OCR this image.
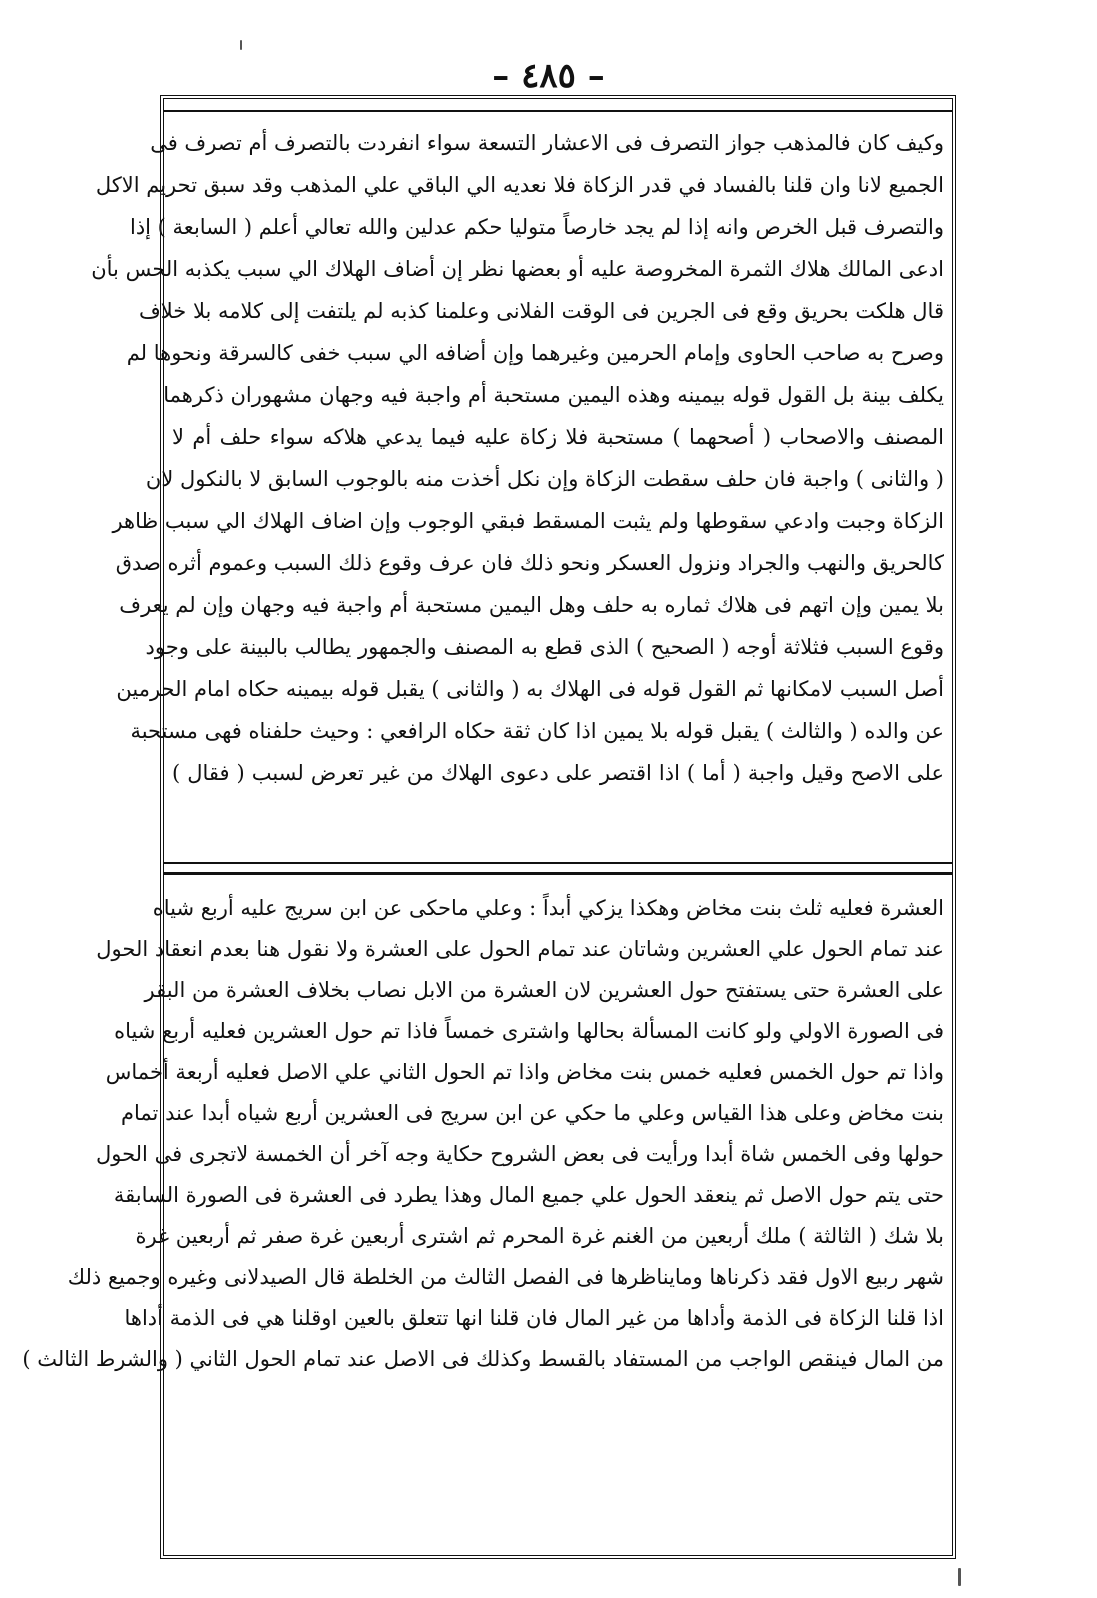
– ٤٨٥ –
وكيف كان فالمذهب جواز التصرف فى الاعشار التسعة سواء انفردت بالتصرف أم تصرف فى
الجميع لانا وان قلنا بالفساد في قدر الزكاة فلا نعديه الي الباقي علي المذهب وقد سبق تحريم الاكل
والتصرف قبل الخرص وانه إذا لم يجد خارصاً متوليا حكم عدلين والله تعالي أعلم ( السابعة ) إذا
ادعى المالك هلاك الثمرة المخروصة عليه أو بعضها نظر إن أضاف الهلاك الي سبب يكذبه الحس بأن
قال هلكت بحريق وقع فى الجرين فى الوقت الفلانى وعلمنا كذبه لم يلتفت إلى كلامه بلا خلاف
وصرح به صاحب الحاوى وإمام الحرمين وغيرهما وإن أضافه الي سبب خفى كالسرقة ونحوها لم
يكلف بينة بل القول قوله بيمينه وهذه اليمين مستحبة أم واجبة فيه وجهان مشهوران ذكرهما
المصنف والاصحاب ( أصحهما ) مستحبة فلا زكاة عليه فيما يدعي هلاكه سواء حلف أم لا
( والثانى ) واجبة فان حلف سقطت الزكاة وإن نكل أخذت منه بالوجوب السابق لا بالنكول لان
الزكاة وجبت وادعي سقوطها ولم يثبت المسقط فبقي الوجوب وإن اضاف الهلاك الي سبب ظاهر
كالحريق والنهب والجراد ونزول العسكر ونحو ذلك فان عرف وقوع ذلك السبب وعموم أثره صدق
بلا يمين وإن اتهم فى هلاك ثماره به حلف وهل اليمين مستحبة أم واجبة فيه وجهان وإن لم يعرف
وقوع السبب فثلاثة أوجه ( الصحيح ) الذى قطع به المصنف والجمهور يطالب بالبينة على وجود
أصل السبب لامكانها ثم القول قوله فى الهلاك به ( والثانى ) يقبل قوله بيمينه حكاه امام الحرمين
عن والده ( والثالث ) يقبل قوله بلا يمين اذا كان ثقة حكاه الرافعي : وحيث حلفناه فهى مستحبة
على الاصح وقيل واجبة ( أما ) اذا اقتصر على دعوى الهلاك من غير تعرض لسبب ( فقال )
العشرة فعليه ثلث بنت مخاض وهكذا يزكي أبداً : وعلي ماحكى عن ابن سريج عليه أربع شياه
عند تمام الحول علي العشرين وشاتان عند تمام الحول على العشرة ولا نقول هنا بعدم انعقاد الحول
على العشرة حتى يستفتح حول العشرين لان العشرة من الابل نصاب بخلاف العشرة من البقر
فى الصورة الاولي ولو كانت المسألة بحالها واشترى خمساً فاذا تم حول العشرين فعليه أربع شياه
واذا تم حول الخمس فعليه خمس بنت مخاض واذا تم الحول الثاني علي الاصل فعليه أربعة أخماس
بنت مخاض وعلى هذا القياس وعلي ما حكي عن ابن سريج فى العشرين أربع شياه أبدا عند تمام
حولها وفى الخمس شاة أبدا ورأيت فى بعض الشروح حكاية وجه آخر أن الخمسة لاتجرى فى الحول
حتى يتم حول الاصل ثم ينعقد الحول علي جميع المال وهذا يطرد فى العشرة فى الصورة السابقة
بلا شك ( الثالثة ) ملك أربعين من الغنم غرة المحرم ثم اشترى أربعين غرة صفر ثم أربعين غرة
شهر ربيع الاول فقد ذكرناها ومايناظرها فى الفصل الثالث من الخلطة قال الصيدلانى وغيره وجميع ذلك
اذا قلنا الزكاة فى الذمة وأداها من غير المال فان قلنا انها تتعلق بالعين اوقلنا هي فى الذمة أداها
من المال فينقص الواجب من المستفاد بالقسط وكذلك فى الاصل عند تمام الحول الثاني ( والشرط الثالث )
